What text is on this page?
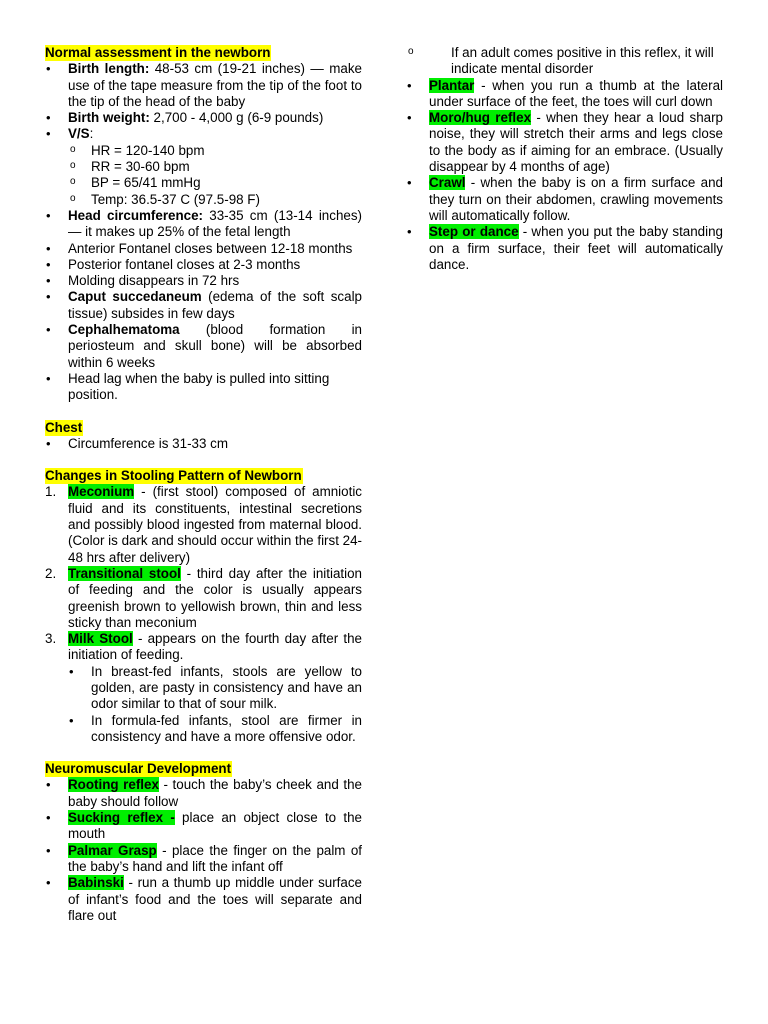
Normal assessment in the newborn
• Birth length: 48-53 cm (19-21 inches) — make use of the tape measure from the tip of the foot to the tip of the head of the baby
• Birth weight: 2,700 - 4,000 g (6-9 pounds)
• V/S:
o HR = 120-140 bpm
o RR = 30-60 bpm
o BP = 65/41 mmHg
o Temp: 36.5-37 C (97.5-98 F)
• Head circumference: 33-35 cm (13-14 inches) — it makes up 25% of the fetal length
• Anterior Fontanel closes between 12-18 months
• Posterior fontanel closes at 2-3 months
• Molding disappears in 72 hrs
• Caput succedaneum (edema of the soft scalp tissue) subsides in few days
• Cephalhematoma (blood formation in periosteum and skull bone) will be absorbed within 6 weeks
• Head lag when the baby is pulled into sitting position.
Chest
• Circumference is 31-33 cm
Changes in Stooling Pattern of Newborn
1. Meconium - (first stool) composed of amniotic fluid and its constituents, intestinal secretions and possibly blood ingested from maternal blood. (Color is dark and should occur within the first 24-48 hrs after delivery)
2. Transitional stool - third day after the initiation of feeding and the color is usually appears greenish brown to yellowish brown, thin and less sticky than meconium
3. Milk Stool - appears on the fourth day after the initiation of feeding.
• In breast-fed infants, stools are yellow to golden, are pasty in consistency and have an odor similar to that of sour milk.
• In formula-fed infants, stool are firmer in consistency and have a more offensive odor.
Neuromuscular Development
• Rooting reflex - touch the baby’s cheek and the baby should follow
• Sucking reflex - place an object close to the mouth
• Palmar Grasp - place the finger on the palm of the baby’s hand and lift the infant off
• Babinski - run a thumb up middle under surface of infant’s food and the toes will separate and flare out
o If an adult comes positive in this reflex, it will indicate mental disorder
• Plantar - when you run a thumb at the lateral under surface of the feet, the toes will curl down
• Moro/hug reflex - when they hear a loud sharp noise, they will stretch their arms and legs close to the body as if aiming for an embrace. (Usually disappear by 4 months of age)
• Crawl - when the baby is on a firm surface and they turn on their abdomen, crawling movements will automatically follow.
• Step or dance - when you put the baby standing on a firm surface, their feet will automatically dance.
